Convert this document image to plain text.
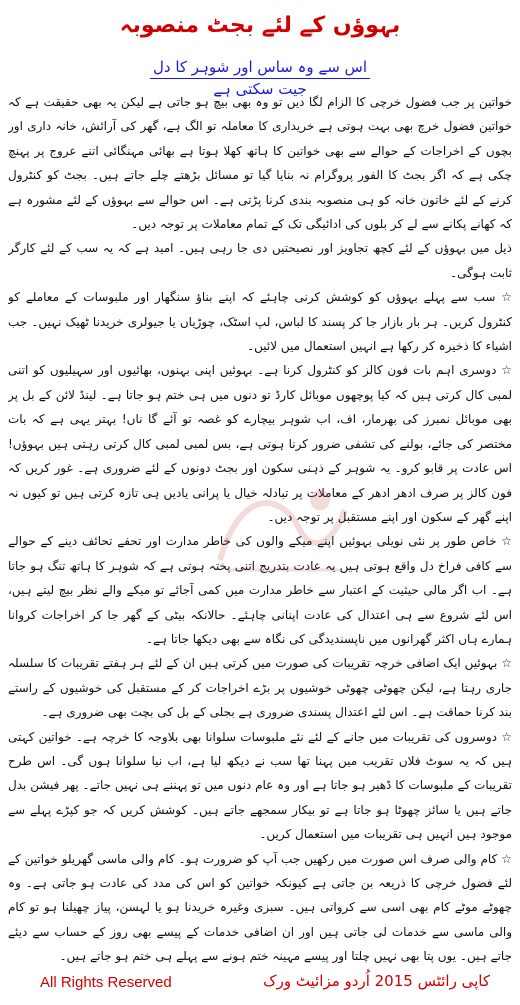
بہوؤں کے لئے بجٹ منصوبہ
اس سے وہ ساس اور شوہر کا دل جیت سکتی ہے

خواتین پر جب فضول خرچی کا الزام لگا دیں تو وہ بھی بیچ ہو جاتی ہے لیکن یہ بھی حقیقت ہے کہ خواتین فضول خرچ بھی بہت ہوتی ہے خریداری کا معاملہ تو الگ ہے، گھر کی آرائش، خانہ داری اور بچوں کے اخراجات کے حوالے سے بھی خواتین کا ہاتھ کھلا ہوتا ہے بھائی مہنگائی اتنے عروج پر پہنچ چکی ہے کہ اگر بجٹ کا الفور پروگرام نہ بنایا گیا تو مسائل بڑھتے چلے جاتے ہیں۔ بجٹ کو کنٹرول کرنے کے لئے خاتون خانہ کو ہی منصوبہ بندی کرنا پڑتی ہے۔ اس حوالے سے بہوؤں کے لئے مشورہ ہے کہ کھانے پکانے سے لے کر بلوں کی ادائیگی تک کے تمام معاملات پر توجہ دیں۔

ذیل میں بہوؤں کے لئے کچھ تجاویز اور نصیحتیں دی جا رہی ہیں۔ امید ہے کہ یہ سب کے لئے کارگر ثابت ہوگی۔

☆ سب سے پہلے بہوؤں کو کوشش کرنی چاہئے کہ اپنے بناؤ سنگھار اور ملبوسات کے معاملے کو کنٹرول کریں۔ ہر بار بازار جا کر پسند کا لباس، لپ اسٹک، چوڑیاں یا جیولری خریدنا ٹھیک نہیں۔ جب اشیاء کا ذخیرہ کر رکھا ہے انہیں استعمال میں لائیں۔

☆ دوسری اہم بات فون کالز کو کنٹرول کرنا ہے۔ بہوئیں اپنی بہنوں، بھائیوں اور سہیلیوں کو اتنی لمبی کال کرتی ہیں کہ کیا پوچھوں موبائل کارڈ تو دنوں میں ہی ختم ہو جاتا ہے۔ لینڈ لائن کے بل پر بھی موبائل نمبرز کی بھرمار، اف، اب شوہر بیچارے کو غصہ تو آئے گا ناں! بہتر یہی ہے کہ بات مختصر کی جائے، بولنے کی تشفی ضرور کرنا ہوتی ہے، بس لمبی لمبی کال کرتی رہتی ہیں بہوؤں! اس عادت پر قابو کرو۔ یہ شوہر کے ذہنی سکون اور بجٹ دونوں کے لئے ضروری ہے۔ غور کریں کہ فون کالز پر صرف ادھر ادھر کے معاملات پر تبادلہ خیال یا پرانی یادیں ہی تازہ کرتی ہیں تو کیوں نہ اپنے گھر کے سکون اور اپنے مستقبل پر توجہ دیں۔

☆ خاص طور پر نئی نویلی بہوئیں اپنے میکے والوں کی خاطر مدارت اور تحفے تحائف دینے کے حوالے سے کافی فراخ دل واقع ہوتی ہیں یہ عادت بتدریج اتنی پختہ ہوتی ہے کہ شوہر کا ہاتھ تنگ ہو جاتا ہے۔ اب اگر مالی حیثیت کے اعتبار سے خاطر مدارت میں کمی آجائے تو میکے والے نظر بیچ لیتے ہیں، اس لئے شروع سے ہی اعتدال کی عادت اپنانی چاہئے۔ حالانکہ بیٹی کے گھر جا کر اخراجات کروانا ہمارے ہاں اکثر گھرانوں میں ناپسندیدگی کی نگاہ سے بھی دیکھا جاتا ہے۔

☆ بہوئیں ایک اضافی خرچہ تقریبات کی صورت میں کرتی ہیں ان کے لئے ہر ہفتے تقریبات کا سلسلہ جاری رہتا ہے، لیکن چھوٹی چھوٹی خوشیوں پر بڑے اخراجات کر کے مستقبل کی خوشیوں کے راستے بند کرنا حماقت ہے۔ اس لئے اعتدال پسندی ضروری ہے بجلی کے بل کی بچت بھی ضروری ہے۔

☆ دوسروں کی تقریبات میں جانے کے لئے نئے ملبوسات سلوانا بھی بلاوجہ کا خرچہ ہے۔ خواتین کہتی ہیں کہ یہ سوٹ فلاں تقریب میں پہنا تھا سب نے دیکھ لیا ہے، اب نیا سلوانا ہوں گی۔ اس طرح تقریبات کے ملبوسات کا ڈھیر ہو جاتا ہے اور وہ عام دنوں میں تو پہننے ہی نہیں جاتے۔ پھر فیشن بدل جاتے ہیں یا سائز چھوٹا ہو جاتا ہے تو بیکار سمجھے جاتے ہیں۔ کوشش کریں کہ جو کپڑے پہلے سے موجود ہیں انہیں ہی تقریبات میں استعمال کریں۔

☆ کام والی صرف اس صورت میں رکھیں جب آپ کو ضرورت ہو۔ کام والی ماسی گھریلو خواتین کے لئے فضول خرچی کا ذریعہ بن جاتی ہے کیونکہ خواتین کو اس کی مدد کی عادت ہو جاتی ہے۔ وہ چھوٹے موٹے کام بھی اسی سے کرواتی ہیں۔ سبزی وغیرہ خریدنا ہو یا لہسن، پیاز چھیلنا ہو تو کام والی ماسی سے خدمات لی جاتی ہیں اور ان اضافی خدمات کے پیسے بھی روز کے حساب سے دیئے جاتے ہیں۔ یوں پتا بھی نہیں چلتا اور پیسے مہینہ ختم ہونے سے پہلے ہی ختم ہو جاتے ہیں۔

All Rights Reserved	کاپی رائٹس 2015 اُردو مزائیٹ ورک
